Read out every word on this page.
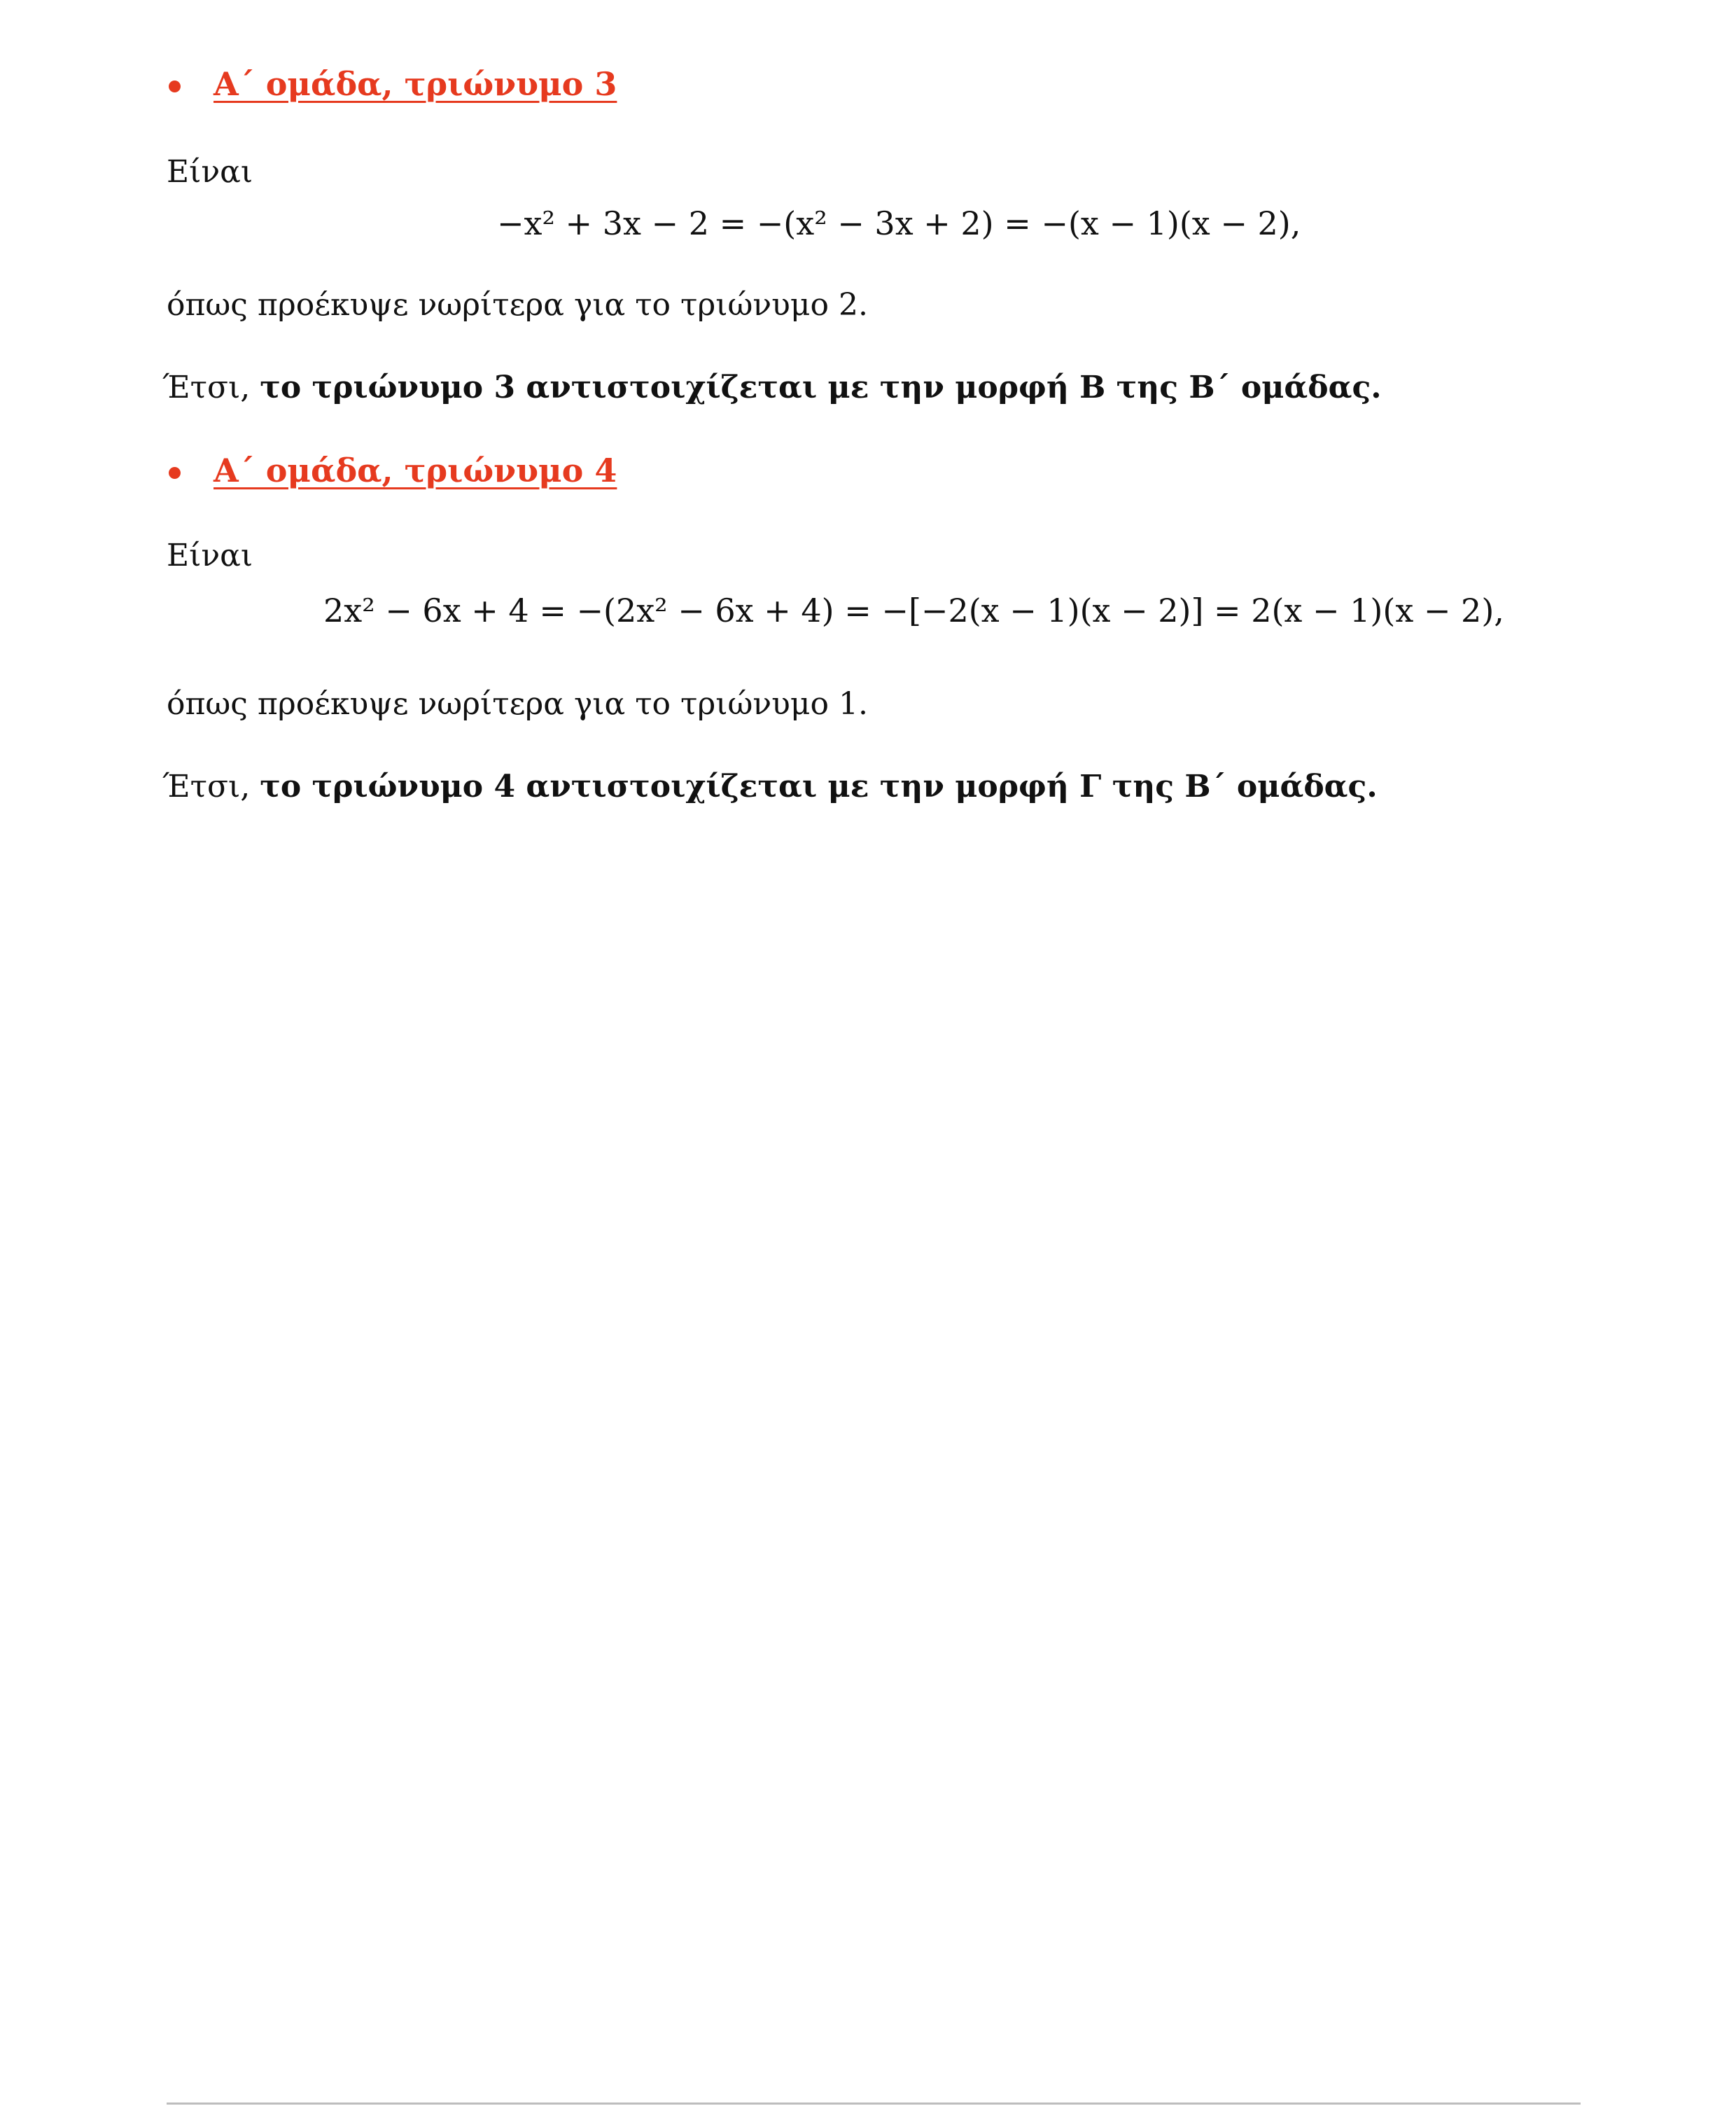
Α΄ ομάδα, τριώνυμο 3
Είναι
−x² + 3x − 2 = −(x² − 3x + 2) = −(x − 1)(x − 2),
όπως προέκυψε νωρίτερα για το τριώνυμο 2.
Έτσι, το τριώνυμο 3 αντιστοιχίζεται με την μορφή Β της Β΄ ομάδας.
Α΄ ομάδα, τριώνυμο 4
Είναι
2x² − 6x + 4 = −(2x² − 6x + 4) = −[−2(x − 1)(x − 2)] = 2(x − 1)(x − 2),
όπως προέκυψε νωρίτερα για το τριώνυμο 1.
Έτσι, το τριώνυμο 4 αντιστοιχίζεται με την μορφή Γ της Β΄ ομάδας.
